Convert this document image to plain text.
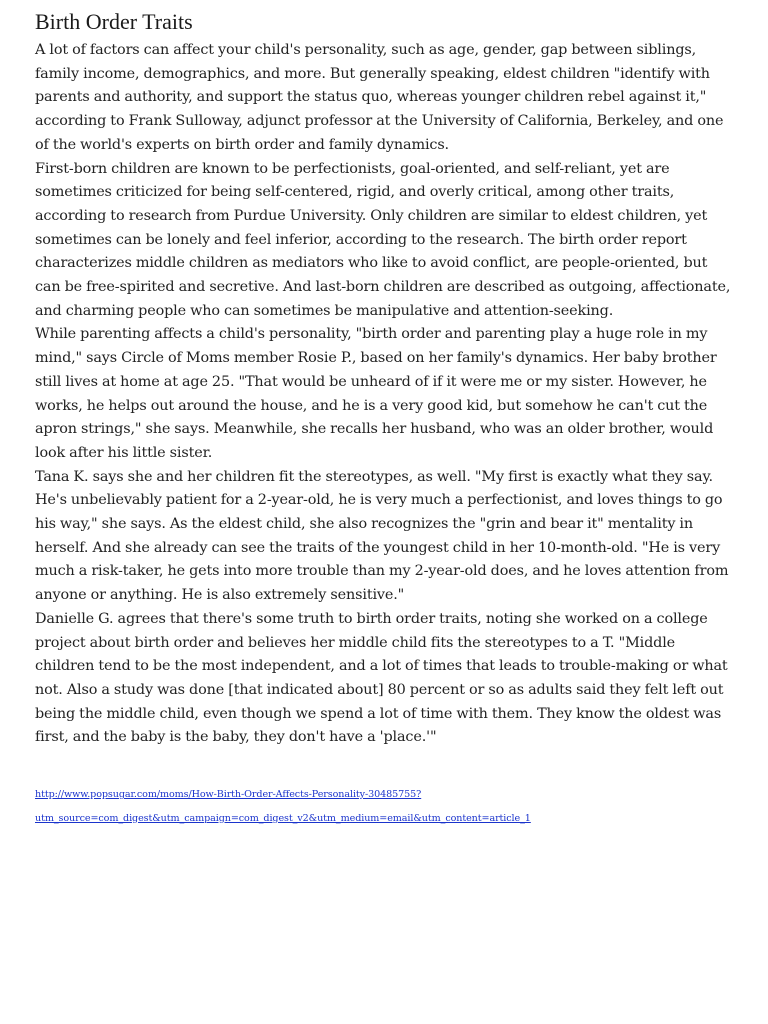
Birth Order Traits

A lot of factors can affect your child's personality, such as age, gender, gap between siblings, family income, demographics, and more. But generally speaking, eldest children "identify with parents and authority, and support the status quo, whereas younger children rebel against it," according to Frank Sulloway, adjunct professor at the University of California, Berkeley, and one of the world's experts on birth order and family dynamics.

First-born children are known to be perfectionists, goal-oriented, and self-reliant, yet are sometimes criticized for being self-centered, rigid, and overly critical, among other traits, according to research from Purdue University. Only children are similar to eldest children, yet sometimes can be lonely and feel inferior, according to the research. The birth order report characterizes middle children as mediators who like to avoid conflict, are people-oriented, but can be free-spirited and secretive. And last-born children are described as outgoing, affectionate, and charming people who can sometimes be manipulative and attention-seeking.

While parenting affects a child's personality, "birth order and parenting play a huge role in my mind," says Circle of Moms member Rosie P., based on her family's dynamics. Her baby brother still lives at home at age 25. "That would be unheard of if it were me or my sister. However, he works, he helps out around the house, and he is a very good kid, but somehow he can't cut the apron strings," she says. Meanwhile, she recalls her husband, who was an older brother, would look after his little sister.

Tana K. says she and her children fit the stereotypes, as well. "My first is exactly what they say. He's unbelievably patient for a 2-year-old, he is very much a perfectionist, and loves things to go his way," she says. As the eldest child, she also recognizes the "grin and bear it" mentality in herself. And she already can see the traits of the youngest child in her 10-month-old. "He is very much a risk-taker, he gets into more trouble than my 2-year-old does, and he loves attention from anyone or anything. He is also extremely sensitive."

Danielle G. agrees that there's some truth to birth order traits, noting she worked on a college project about birth order and believes her middle child fits the stereotypes to a T. "Middle children tend to be the most independent, and a lot of times that leads to trouble-making or what not. Also a study was done [that indicated about] 80 percent or so as adults said they felt left out being the middle child, even though we spend a lot of time with them. They know the oldest was first, and the baby is the baby, they don't have a 'place.'"

http://www.popsugar.com/moms/How-Birth-Order-Affects-Personality-30485755?
utm_source=com_digest&utm_campaign=com_digest_v2&utm_medium=email&utm_content=article_1
